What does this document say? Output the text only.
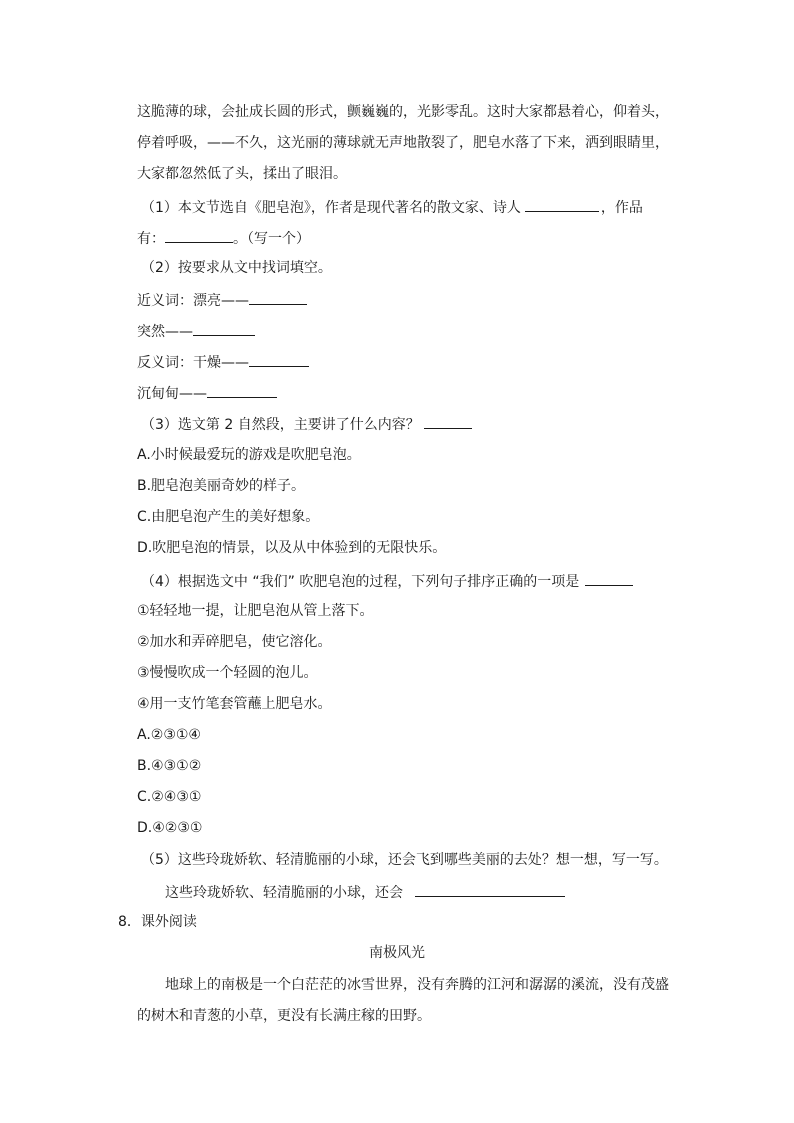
这脆薄的球，会扯成长圆的形式，颤巍巍的，光影零乱。这时大家都悬着心，仰着头，
停着呼吸，——不久，这光丽的薄球就无声地散裂了，肥皂水落了下来，洒到眼睛里，
大家都忽然低了头，揉出了眼泪。
（1）本文节选自《肥皂泡》，作者是现代著名的散文家、诗人	，作品
有：	。（写一个）
（2）按要求从文中找词填空。
近义词：漂亮——
突然——
反义词：干燥——
沉甸甸——
（3）选文第 2 自然段，主要讲了什么内容？
A.小时候最爱玩的游戏是吹肥皂泡。
B.肥皂泡美丽奇妙的样子。
C.由肥皂泡产生的美好想象。
D.吹肥皂泡的情景，以及从中体验到的无限快乐。
（4）根据选文中 “我们” 吹肥皂泡的过程，下列句子排序正确的一项是
①轻轻地一提，让肥皂泡从管上落下。
②加水和弄碎肥皂，使它溶化。
③慢慢吹成一个轻圆的泡儿。
④用一支竹笔套管蘸上肥皂水。
A.②③①④
B.④③①②
C.②④③①
D.④②③①
（5）这些玲珑娇软、轻清脆丽的小球，还会飞到哪些美丽的去处？想一想，写一写。
这些玲珑娇软、轻清脆丽的小球，还会
8．课外阅读
南极风光
地球上的南极是一个白茫茫的冰雪世界，没有奔腾的江河和潺潺的溪流，没有茂盛
的树木和青葱的小草，更没有长满庄稼的田野。
